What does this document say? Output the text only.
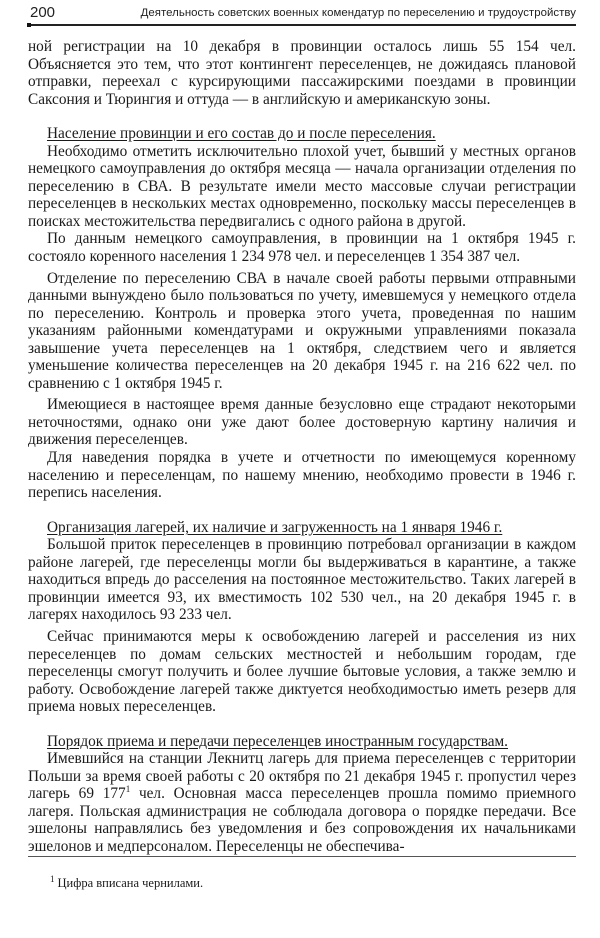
200	Деятельность советских военных комендатур по переселению и трудоустройству

ной регистрации на 10 декабря в провинции осталось лишь 55 154 чел. Объясняется это тем, что этот контингент переселенцев, не дожидаясь плановой отправки, переехал с курсирующими пассажирскими поездами в провинции Саксония и Тюрингия и оттуда — в английскую и американскую зоны.

Население провинции и его состав до и после переселения.

Необходимо отметить исключительно плохой учет, бывший у местных органов немецкого самоуправления до октября месяца — начала организации отделения по переселению в СВА. В результате имели место массовые случаи регистрации переселенцев в нескольких местах одновременно, поскольку массы переселенцев в поисках местожительства передвигались с одного района в другой.

По данным немецкого самоуправления, в провинции на 1 октября 1945 г. состояло коренного населения 1 234 978 чел. и переселенцев 1 354 387 чел.

Отделение по переселению СВА в начале своей работы первыми отправными данными вынуждено было пользоваться по учету, имевшемуся у немецкого отдела по переселению. Контроль и проверка этого учета, проведенная по нашим указаниям районными комендатурами и окружными управлениями показала завышение учета переселенцев на 1 октября, следствием чего и является уменьшение количества переселенцев на 20 декабря 1945 г. на 216 622 чел. по сравнению с 1 октября 1945 г.

Имеющиеся в настоящее время данные безусловно еще страдают некоторыми неточностями, однако они уже дают более достоверную картину наличия и движения переселенцев.

Для наведения порядка в учете и отчетности по имеющемуся коренному населению и переселенцам, по нашему мнению, необходимо провести в 1946 г. перепись населения.

Организация лагерей, их наличие и загруженность на 1 января 1946 г.

Большой приток переселенцев в провинцию потребовал организации в каждом районе лагерей, где переселенцы могли бы выдерживаться в карантине, а также находиться впредь до расселения на постоянное местожительство. Таких лагерей в провинции имеется 93, их вместимость 102 530 чел., на 20 декабря 1945 г. в лагерях находилось 93 233 чел.

Сейчас принимаются меры к освобождению лагерей и расселения из них переселенцев по домам сельских местностей и небольшим городам, где переселенцы смогут получить и более лучшие бытовые условия, а также землю и работу. Освобождение лагерей также диктуется необходимостью иметь резерв для приема новых переселенцев.

Порядок приема и передачи переселенцев иностранным государствам.

Имевшийся на станции Лекнитц лагерь для приема переселенцев с территории Польши за время своей работы с 20 октября по 21 декабря 1945 г. пропустил через лагерь 69 $177^1$ чел. Основная масса переселенцев прошла помимо приемного лагеря. Польская администрация не соблюдала договора о порядке передачи. Все эшелоны направлялись без уведомления и без сопровождения их начальниками эшелонов и медперсоналом. Переселенцы не обеспечива-

$^1$ Цифра вписана чернилами.
